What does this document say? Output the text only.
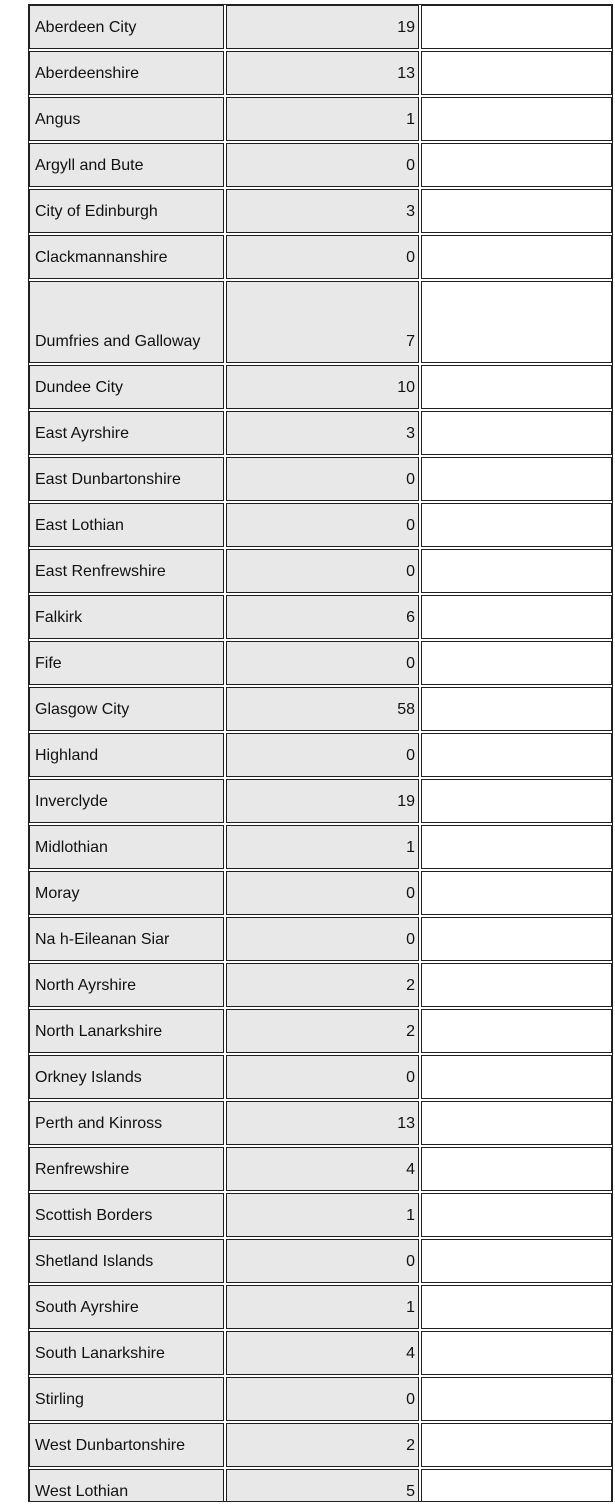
Aberdeen City	19	
Aberdeenshire	13	
Angus	1	
Argyll and Bute	0	
City of Edinburgh	3	
Clackmannanshire	0	
Dumfries and Galloway	7	
Dundee City	10	
East Ayrshire	3	
East Dunbartonshire	0	
East Lothian	0	
East Renfrewshire	0	
Falkirk	6	
Fife	0	
Glasgow City	58	
Highland	0	
Inverclyde	19	
Midlothian	1	
Moray	0	
Na h-Eileanan Siar	0	
North Ayrshire	2	
North Lanarkshire	2	
Orkney Islands	0	
Perth and Kinross	13	
Renfrewshire	4	
Scottish Borders	1	
Shetland Islands	0	
South Ayrshire	1	
South Lanarkshire	4	
Stirling	0	
West Dunbartonshire	2	
West Lothian	5	
